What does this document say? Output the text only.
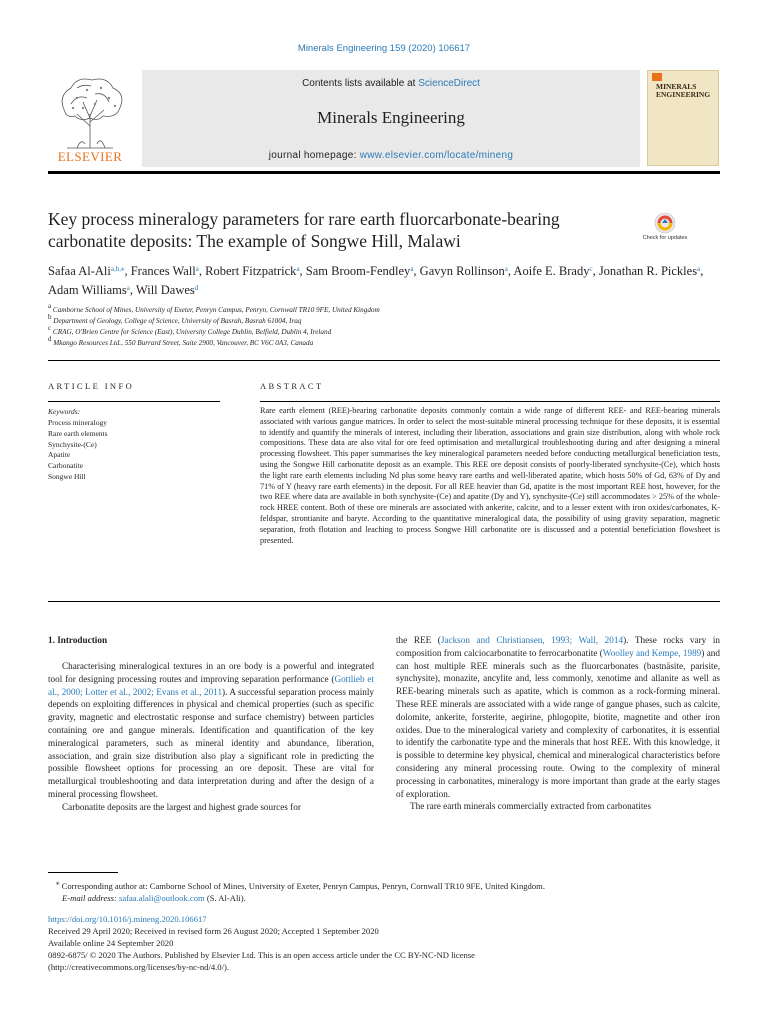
Minerals Engineering 159 (2020) 106617
ELSEVIER
Contents lists available at ScienceDirect
Minerals Engineering
journal homepage: www.elsevier.com/locate/mineng
MINERALS ENGINEERING
Key process mineralogy parameters for rare earth fluorcarbonate-bearing carbonatite deposits: The example of Songwe Hill, Malawi	Check for updates
Safaa Al-Ali$^{a,b,⁎}$, Frances Wall$^a$, Robert Fitzpatrick$^a$, Sam Broom-Fendley$^a$, Gavyn Rollinson$^a$, Aoife E. Brady$^c$, Jonathan R. Pickles$^a$, Adam Williams$^a$, Will Dawes$^d$
$^a$ Camborne School of Mines, University of Exeter, Penryn Campus, Penryn, Cornwall TR10 9FE, United Kingdom
$^b$ Department of Geology, College of Science, University of Basrah, Basrah 61004, Iraq
$^c$ CRAG, O'Brien Centre for Science (East), University College Dublin, Belfield, Dublin 4, Ireland
$^d$ Mkango Resources Ltd., 550 Burrard Street, Suite 2900, Vancouver, BC V6C 0A3, Canada
ARTICLE INFO
Keywords:
Process mineralogy
Rare earth elements
Synchysite-(Ce)
Apatite
Carbonatite
Songwe Hill
ABSTRACT
Rare earth element (REE)-bearing carbonatite deposits commonly contain a wide range of different REE- and REE-bearing minerals associated with various gangue matrices. In order to select the most-suitable mineral processing technique for these deposits, it is essential to identify and quantify the minerals of interest, including their liberation, associations and grain size distribution, along with whole rock compositions. These data are also vital for ore feed optimisation and metallurgical troubleshooting during and after designing a mineral processing flowsheet. This paper summarises the key mineralogical parameters needed before conducting metallurgical beneficiation tests, using the Songwe Hill carbonatite deposit as an example. This REE ore deposit consists of poorly-liberated synchysite-(Ce), which hosts the light rare earth elements including Nd plus some heavy rare earths and well-liberated apatite, which hosts 50% of Gd, 63% of Dy and 71% of Y (heavy rare earth elements) in the deposit. For all REE heavier than Gd, apatite is the most important REE host, however, for the two REE where data are available in both synchysite-(Ce) and apatite (Dy and Y), synchysite-(Ce) still accommodates > 25% of the whole-rock HREE content. Both of these ore minerals are associated with ankerite, calcite, and to a lesser extent with iron oxides/carbonates, K-feldspar, strontianite and baryte. According to the quantitative mineralogical data, the possibility of using gravity separation, magnetic separation, froth flotation and leaching to process Songwe Hill carbonatite ore is discussed and a potential beneficiation flowsheet is presented.
1. Introduction

Characterising mineralogical textures in an ore body is a powerful and integrated tool for designing processing routes and improving separation performance (Gottlieb et al., 2000; Lotter et al., 2002; Evans et al., 2011). A successful separation process mainly depends on exploiting differences in physical and chemical properties (such as specific gravity, magnetic and electrostatic response and surface chemistry) between particles containing ore and gangue minerals. Identification and quantification of the key mineralogical parameters, such as mineral identity and abundance, liberation, association, and grain size distribution also play a significant role in predicting the possible flowsheet options for processing an ore deposit. These are vital for metallurgical troubleshooting and data interpretation during and after the design of a mineral processing flowsheet.

Carbonatite deposits are the largest and highest grade sources for

the REE (Jackson and Christiansen, 1993; Wall, 2014). These rocks vary in composition from calciocarbonatite to ferrocarbonatite (Woolley and Kempe, 1989) and can host multiple REE minerals such as the fluorcarbonates (bastnäsite, parisite, synchysite), monazite, ancylite and, less commonly, xenotime and allanite as well as REE-bearing minerals such as apatite, which is common as a rock-forming mineral. These REE minerals are associated with a wide range of gangue phases, such as calcite, dolomite, ankerite, forsterite, aegirine, phlogopite, biotite, magnetite and other iron oxides. Due to the mineralogical variety and complexity of carbonatites, it is essential to identify the carbonatite type and the minerals that host REE. With this knowledge, it is possible to determine key physical, chemical and mineralogical characteristics before considering any mineral processing route. Owing to the complexity of mineral processing in carbonatites, mineralogy is more important than grade at the early stages of exploration.

The rare earth minerals commercially extracted from carbonatites

⁎ Corresponding author at: Camborne School of Mines, University of Exeter, Penryn Campus, Penryn, Cornwall TR10 9FE, United Kingdom.
E-mail address: safaa.alali@outlook.com (S. Al-Ali).
https://doi.org/10.1016/j.mineng.2020.106617
Received 29 April 2020; Received in revised form 26 August 2020; Accepted 1 September 2020
Available online 24 September 2020
0892-6875/ © 2020 The Authors. Published by Elsevier Ltd. This is an open access article under the CC BY-NC-ND license
(http://creativecommons.org/licenses/by-nc-nd/4.0/).
